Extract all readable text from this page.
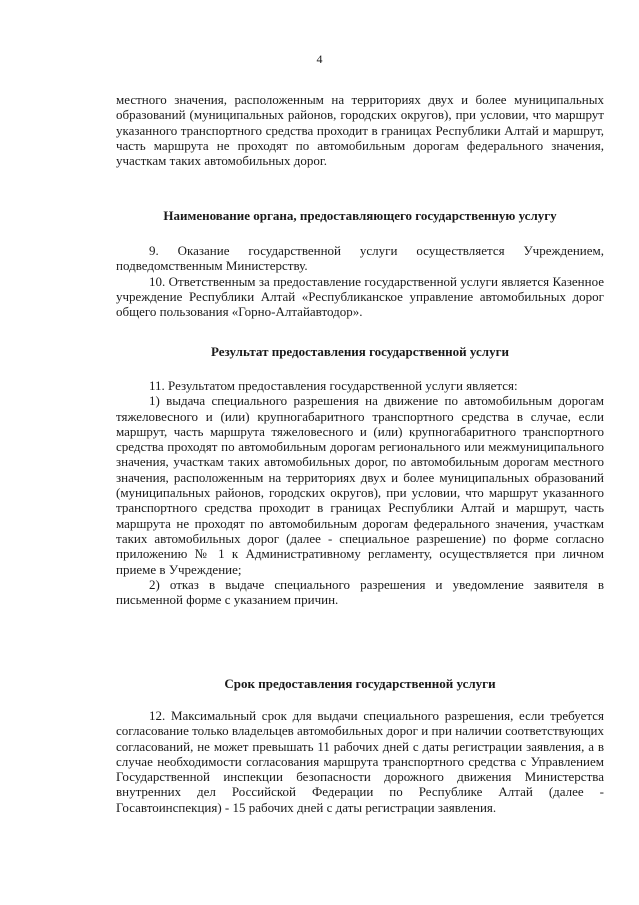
4

местного значения, расположенным на территориях двух и более муниципальных образований (муниципальных районов, городских округов), при условии, что маршрут указанного транспортного средства проходит в границах Республики Алтай и маршрут, часть маршрута не проходят по автомобильным дорогам федерального значения, участкам таких автомобильных дорог.

Наименование органа, предоставляющего государственную услугу

9. Оказание государственной услуги осуществляется Учреждением, подведомственным Министерству.

10. Ответственным за предоставление государственной услуги является Казенное учреждение Республики Алтай «Республиканское управление автомобильных дорог общего пользования «Горно-Алтайавтодор».

Результат предоставления государственной услуги

11. Результатом предоставления государственной услуги является:

1) выдача специального разрешения на движение по автомобильным дорогам тяжеловесного и (или) крупногабаритного транспортного средства в случае, если маршрут, часть маршрута тяжеловесного и (или) крупногабаритного транспортного средства проходят по автомобильным дорогам регионального или межмуниципального значения, участкам таких автомобильных дорог, по автомобильным дорогам местного значения, расположенным на территориях двух и более муниципальных образований (муниципальных районов, городских округов), при условии, что маршрут указанного транспортного средства проходит в границах Республики Алтай и маршрут, часть маршрута не проходят по автомобильным дорогам федерального значения, участкам таких автомобильных дорог (далее - специальное разрешение) по форме согласно приложению № 1 к Административному регламенту, осуществляется при личном приеме в Учреждение;

2) отказ в выдаче специального разрешения и уведомление заявителя в письменной форме с указанием причин.

Срок предоставления государственной услуги

12. Максимальный срок для выдачи специального разрешения, если требуется согласование только владельцев автомобильных дорог и при наличии соответствующих согласований, не может превышать 11 рабочих дней с даты регистрации заявления, а в случае необходимости согласования маршрута транспортного средства с Управлением Государственной инспекции безопасности дорожного движения Министерства внутренних дел Российской Федерации по Республике Алтай (далее - Госавтоинспекция) - 15 рабочих дней с даты регистрации заявления.
